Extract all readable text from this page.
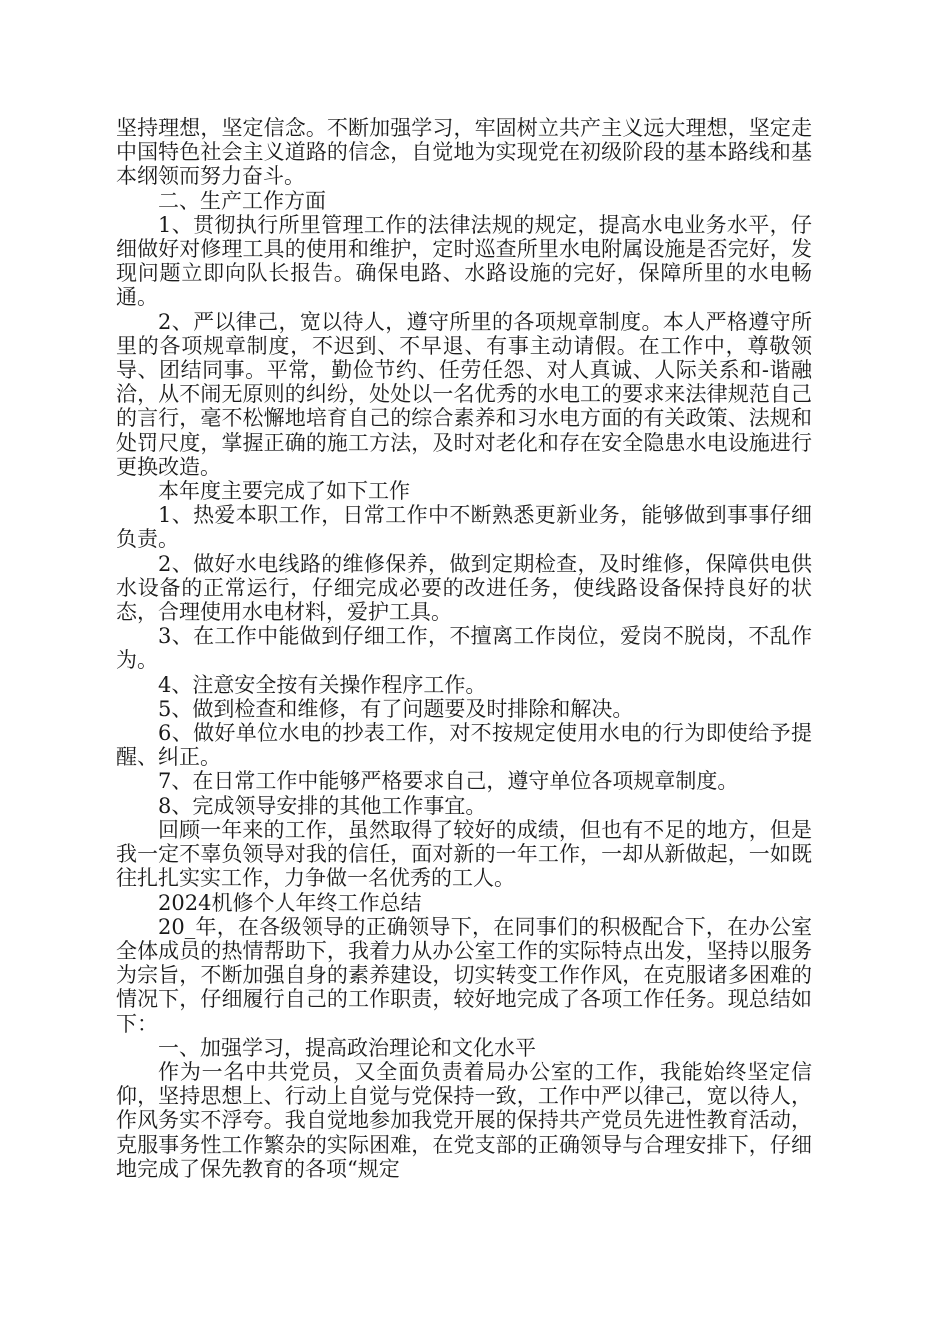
坚持理想，坚定信念。不断加强学习，牢固树立共产主义远大理想，坚定走中国特色社会主义道路的信念，自觉地为实现党在初级阶段的基本路线和基本纲领而努力奋斗。

二、生产工作方面

1、贯彻执行所里管理工作的法律法规的规定，提高水电业务水平，仔细做好对修理工具的使用和维护，定时巡查所里水电附属设施是否完好，发现问题立即向队长报告。确保电路、水路设施的完好，保障所里的水电畅通。

2、严以律己，宽以待人，遵守所里的各项规章制度。本人严格遵守所里的各项规章制度，不迟到、不早退、有事主动请假。在工作中，尊敬领导、团结同事。平常，勤俭节约、任劳任怨、对人真诚、人际关系和-谐融洽，从不闹无原则的纠纷，处处以一名优秀的水电工的要求来法律规范自己的言行，毫不松懈地培育自己的综合素养和习水电方面的有关政策、法规和处罚尺度，掌握正确的施工方法，及时对老化和存在安全隐患水电设施进行更换改造。

本年度主要完成了如下工作

1、热爱本职工作，日常工作中不断熟悉更新业务，能够做到事事仔细负责。

2、做好水电线路的维修保养，做到定期检查，及时维修，保障供电供水设备的正常运行，仔细完成必要的改进任务，使线路设备保持良好的状态，合理使用水电材料，爱护工具。

3、在工作中能做到仔细工作，不擅离工作岗位，爱岗不脱岗，不乱作为。

4、注意安全按有关操作程序工作。

5、做到检查和维修，有了问题要及时排除和解决。

6、做好单位水电的抄表工作，对不按规定使用水电的行为即使给予提醒、纠正。

7、在日常工作中能够严格要求自己，遵守单位各项规章制度。

8、完成领导安排的其他工作事宜。

回顾一年来的工作，虽然取得了较好的成绩，但也有不足的地方，但是我一定不辜负领导对我的信任，面对新的一年工作，一却从新做起，一如既往扎扎实实工作，力争做一名优秀的工人。

2024机修个人年终工作总结

20_年，在各级领导的正确领导下，在同事们的积极配合下，在办公室全体成员的热情帮助下，我着力从办公室工作的实际特点出发，坚持以服务为宗旨，不断加强自身的素养建设，切实转变工作作风，在克服诸多困难的情况下，仔细履行自己的工作职责，较好地完成了各项工作任务。现总结如下：

一、加强学习，提高政治理论和文化水平

作为一名中共党员，又全面负责着局办公室的工作，我能始终坚定信仰，坚持思想上、行动上自觉与党保持一致，工作中严以律己，宽以待人，作风务实不浮夸。我自觉地参加我党开展的保持共产党员先进性教育活动，克服事务性工作繁杂的实际困难，在党支部的正确领导与合理安排下，仔细地完成了保先教育的各项“规定
